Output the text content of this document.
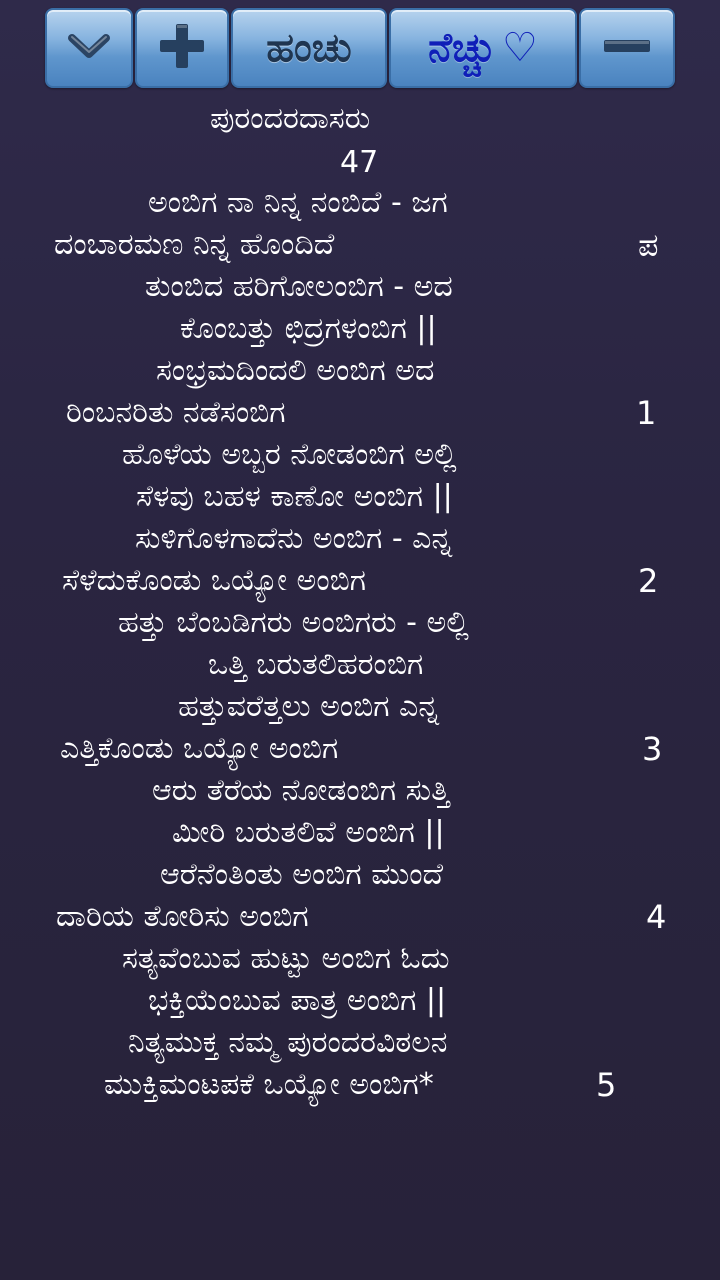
ಹಂಚು ನೆಚ್ಚು ♡
ಪುರಂದರದಾಸರು
47
ಅಂಬಿಗ ನಾ ನಿನ್ನ ನಂಬಿದೆ - ಜಗ
ದಂಬಾರಮಣ ನಿನ್ನ ಹೊಂದಿದೆ	ಪ
ತುಂಬಿದ ಹರಿಗೋಲಂಬಿಗ - ಅದ
ಕೊಂಬತ್ತು ಛಿದ್ರಗಳಂಬಿಗ ||
ಸಂಭ್ರಮದಿಂದಲಿ ಅಂಬಿಗ ಅದ
ರಿಂಬನರಿತು ನಡೆಸಂಬಿಗ	1
ಹೊಳೆಯ ಅಬ್ಬರ ನೋಡಂಬಿಗ ಅಲ್ಲಿ
ಸೆಳವು ಬಹಳ ಕಾಣೋ ಅಂಬಿಗ ||
ಸುಳಿಗೊಳಗಾದೆನು ಅಂಬಿಗ - ಎನ್ನ
ಸೆಳೆದುಕೊಂಡು ಒಯ್ಯೋ ಅಂಬಿಗ	2
ಹತ್ತು ಬೆಂಬಡಿಗರು ಅಂಬಿಗರು - ಅಲ್ಲಿ
ಒತ್ತಿ ಬರುತಲಿಹರಂಬಿಗ
ಹತ್ತುವರೆತ್ತಲು ಅಂಬಿಗ ಎನ್ನ
ಎತ್ತಿಕೊಂಡು ಒಯ್ಯೋ ಅಂಬಿಗ	3
ಆರು ತೆರೆಯ ನೋಡಂಬಿಗ ಸುತ್ತಿ
ಮೀರಿ ಬರುತಲಿವೆ ಅಂಬಿಗ ||
ಆರೆನೆಂತಿಂತು ಅಂಬಿಗ ಮುಂದೆ
ದಾರಿಯ ತೋರಿಸು ಅಂಬಿಗ	4
ಸತ್ಯವೆಂಬುವ ಹುಟ್ಟು ಅಂಬಿಗ ಓದು
ಭಕ್ತಿಯೆಂಬುವ ಪಾತ್ರ ಅಂಬಿಗ ||
ನಿತ್ಯಮುಕ್ತ ನಮ್ಮ ಪುರಂದರವಿಠಲನ
ಮುಕ್ತಿಮಂಟಪಕೆ ಒಯ್ಯೋ ಅಂಬಿಗ*	5
